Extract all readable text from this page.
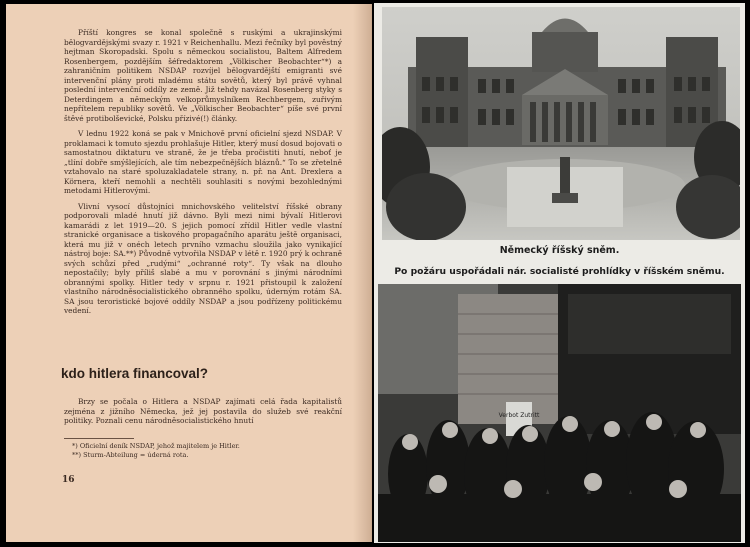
Příští kongres se konal společně s ruskými a ukrajinskými bělogvardějskými svazy r. 1921 v Reichenhallu. Mezi řečníky byl pověstný hejtman Skoropadski. Spolu s německou socialistou, Baltem Alfredem Rosenbergem, pozdějším šéfredaktorem „Völkischer Beobachter“*) a zahraničním politikem NSDAP rozvíjel bělogvardějští emigranti své intervenční plány proti mladému státu sovětů, který byl právě vyhnal poslední intervenční oddíly ze země. Již tehdy navázal Rosenberg styky s Deterdingem a německým velkoprůmyslníkem Rechbergem, zuřivým nepřítelem republiky sovětů. Ve „Völkischer Beobachter“ píše své první štěvé protibolševické, Polsku přízivé(!) články.

V lednu 1922 koná se pak v Mnichově první oficielní sjezd NSDAP. V proklamaci k tomuto sjezdu prohlašuje Hitler, který musí dosud bojovati o samostatnou diktaturu ve straně, že je třeba pročistiti hnutí, neboť je „tlíní dobře smýšlejících, ale tím nebezpečnějších bláznů.“ To se zřetelně vztahovalo na staré spoluzakladatele strany, n. př. na Ant. Drexlera a Körnera, kteří nemohli a nechtěli souhlasiti s novými bezohlednými metodami Hitlerovými.

Vlivní vysocí důstojníci mnichovského velitelství říšské obrany podporovali mladé hnutí již dávno. Byli mezi nimi bývalí Hitlerovi kamarádi z let 1919—20. S jejich pomocí zřídil Hitler vedle vlastní stranické organisace a tiskového propagačního aparátu ještě organisaci, která mu již v onéch letech prvního vzmachu sloužila jako vynikající nástroj boje: SA.**) Původně vytvořila NSDAP v létě r. 1920 prý k ochraně svých schůzí před „rudými“ „ochranné roty“. Ty však na dlouho nepostačily; byly příliš slabé a mu v porovnání s jinými národními obrannými spolky. Hitler tedy v srpnu r. 1921 přistoupil k založení vlastního národněsocialistického obranného spolku, úderným rotám SA. SA jsou teroristické bojové oddíly NSDAP a jsou podřízeny politickému vedení.

kdo hitlera financoval?

Brzy se počala o Hitlera a NSDAP zajímati celá řada kapitalistů zejména z jižního Německa, jež jej postavila do služeb své reakční politiky. Poznali cenu národněsocialistického hnutí

*) Oficielní deník NSDAP, jehož majitelem je Hitler.
**) Sturm-Abteilung = úderná rota.
16
Německý říšský sněm.
Po požáru uspořádali nár. socialisté prohlídky v říšském sněmu.
Verbot Zutritt
